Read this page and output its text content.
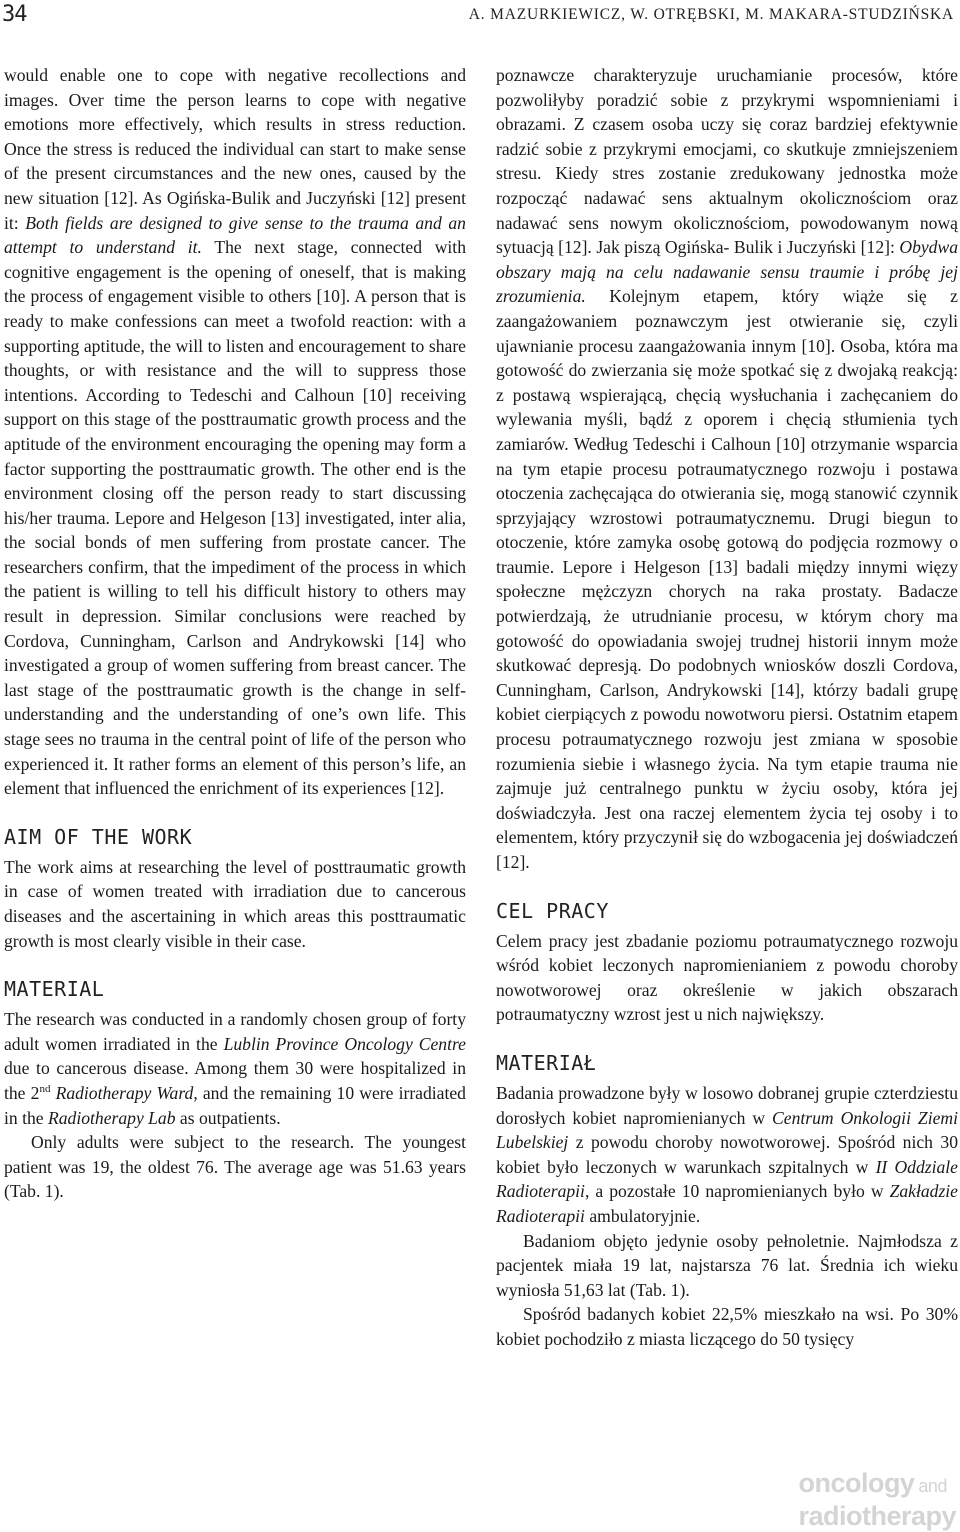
34	A. MAZURKIEWICZ, W. OTRĘBSKI, M. MAKARA-STUDZIŃSKA

would enable one to cope with negative recollections and images. Over time the person learns to cope with negative emotions more effectively, which results in stress reduction. Once the stress is reduced the individual can start to make sense of the present circumstances and the new ones, caused by the new situation [12]. As Ogińska-Bulik and Juczyński [12] present it: Both fields are designed to give sense to the trauma and an attempt to understand it. The next stage, connected with cognitive engagement is the opening of oneself, that is making the process of engagement visible to others [10]. A person that is ready to make confessions can meet a twofold reaction: with a supporting aptitude, the will to listen and encouragement to share thoughts, or with resistance and the will to suppress those intentions. According to Tedeschi and Calhoun [10] receiving support on this stage of the posttraumatic growth process and the aptitude of the environment encouraging the opening may form a factor supporting the posttraumatic growth. The other end is the environment closing off the person ready to start discussing his/her trauma. Lepore and Helgeson [13] investigated, inter alia, the social bonds of men suffering from prostate cancer. The researchers confirm, that the impediment of the process in which the patient is willing to tell his difficult history to others may result in depression. Similar conclusions were reached by Cordova, Cunningham, Carlson and Andrykowski [14] who investigated a group of women suffering from breast cancer. The last stage of the posttraumatic growth is the change in self-understanding and the understanding of one’s own life. This stage sees no trauma in the central point of life of the person who experienced it. It rather forms an element of this person’s life, an element that influenced the enrichment of its experiences [12].

AIM OF THE WORK

The work aims at researching the level of posttraumatic growth in case of women treated with irradiation due to cancerous diseases and the ascertaining in which areas this posttraumatic growth is most clearly visible in their case.

MATERIAL

The research was conducted in a randomly chosen group of forty adult women irradiated in the Lublin Province Oncology Centre due to cancerous disease. Among them 30 were hospitalized in the 2nd Radiotherapy Ward, and the remaining 10 were irradiated in the Radiotherapy Lab as outpatients.

Only adults were subject to the research. The youngest patient was 19, the oldest 76. The average age was 51.63 years (Tab. 1).

poznawcze charakteryzuje uruchamianie procesów, które pozwoliłyby poradzić sobie z przykrymi wspomnieniami i obrazami. Z czasem osoba uczy się coraz bardziej efektywnie radzić sobie z przykrymi emocjami, co skutkuje zmniejszeniem stresu. Kiedy stres zostanie zredukowany jednostka może rozpocząć nadawać sens aktualnym okolicznościom oraz nadawać sens nowym okolicznościom, powodowanym nową sytuacją [12]. Jak piszą Ogińska- Bulik i Juczyński [12]: Obydwa obszary mają na celu nadawanie sensu traumie i próbę jej zrozumienia. Kolejnym etapem, który wiąże się z zaangażowaniem poznawczym jest otwieranie się, czyli ujawnianie procesu zaangażowania innym [10]. Osoba, która ma gotowość do zwierzania się może spotkać się z dwojaką reakcją: z postawą wspierającą, chęcią wysłuchania i zachęcaniem do wylewania myśli, bądź z oporem i chęcią stłumienia tych zamiarów. Według Tedeschi i Calhoun [10] otrzymanie wsparcia na tym etapie procesu potraumatycznego rozwoju i postawa otoczenia zachęcająca do otwierania się, mogą stanowić czynnik sprzyjający wzrostowi potraumatycznemu. Drugi biegun to otoczenie, które zamyka osobę gotową do podjęcia rozmowy o traumie. Lepore i Helgeson [13] badali między innymi więzy społeczne mężczyzn chorych na raka prostaty. Badacze potwierdzają, że utrudnianie procesu, w którym chory ma gotowość do opowiadania swojej trudnej historii innym może skutkować depresją. Do podobnych wniosków doszli Cordova, Cunningham, Carlson, Andrykowski [14], którzy badali grupę kobiet cierpiących z powodu nowotworu piersi. Ostatnim etapem procesu potraumatycznego rozwoju jest zmiana w sposobie rozumienia siebie i własnego życia. Na tym etapie trauma nie zajmuje już centralnego punktu w życiu osoby, która jej doświadczyła. Jest ona raczej elementem życia tej osoby i to elementem, który przyczynił się do wzbogacenia jej doświadczeń [12].

CEL PRACY

Celem pracy jest zbadanie poziomu potraumatycznego rozwoju wśród kobiet leczonych napromienianiem z powodu choroby nowotworowej oraz określenie w jakich obszarach potraumatyczny wzrost jest u nich największy.

MATERIAŁ

Badania prowadzone były w losowo dobranej grupie czterdziestu dorosłych kobiet napromienianych w Centrum Onkologii Ziemi Lubelskiej z powodu choroby nowotworowej. Spośród nich 30 kobiet było leczonych w warunkach szpitalnych w II Oddziale Radioterapii, a pozostałe 10 napromienianych było w Zakładzie Radioterapii ambulatoryjnie.

Badaniom objęto jedynie osoby pełnoletnie. Najmłodsza z pacjentek miała 19 lat, najstarsza 76 lat. Średnia ich wieku wyniosła 51,63 lat (Tab. 1).

Spośród badanych kobiet 22,5% mieszkało na wsi. Po 30% kobiet pochodziło z miasta liczącego do 50 tysięcy

oncology and
radiotherapy
